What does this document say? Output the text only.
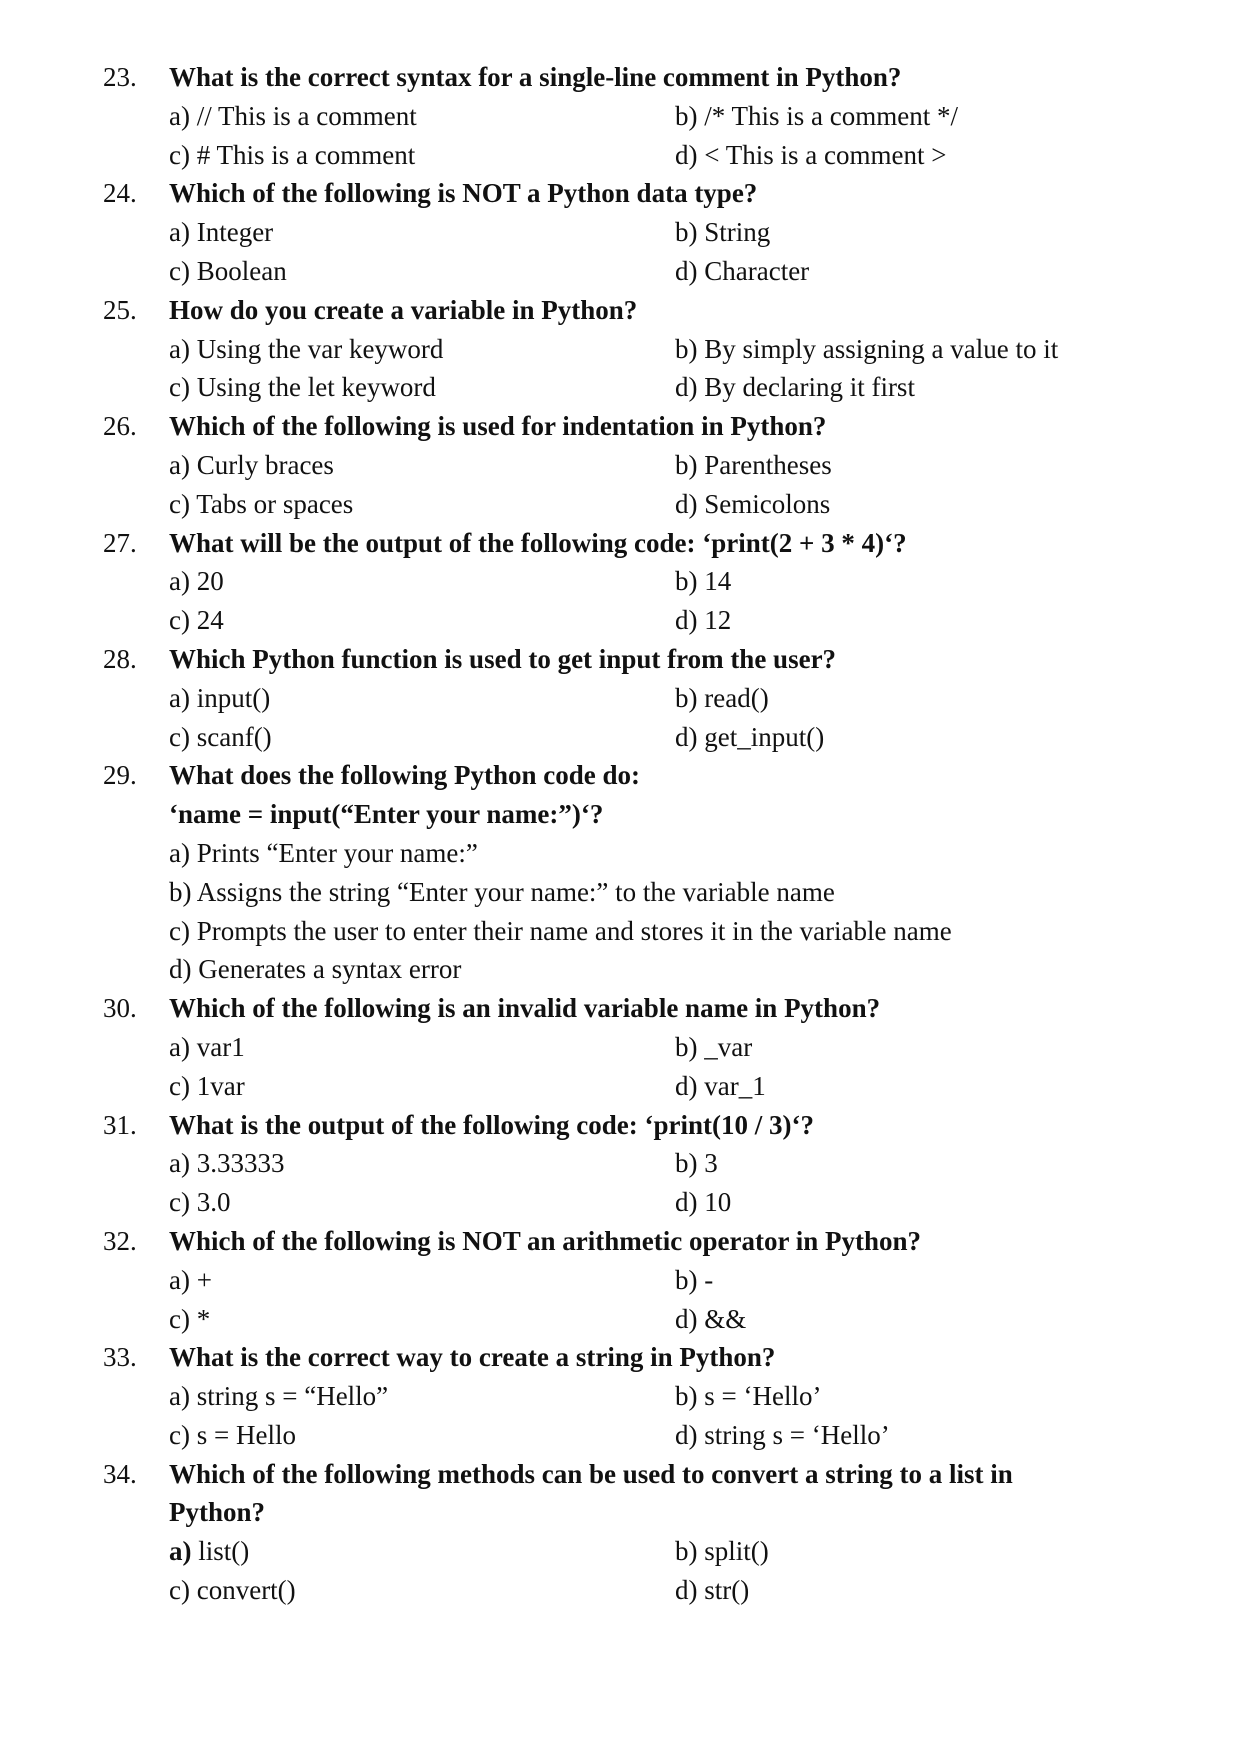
23. What is the correct syntax for a single-line comment in Python?
a) // This is a comment	b) /* This is a comment */
c) # This is a comment	d) < This is a comment >
24. Which of the following is NOT a Python data type?
a) Integer	b) String
c) Boolean	d) Character
25. How do you create a variable in Python?
a) Using the var keyword	b) By simply assigning a value to it
c) Using the let keyword	d) By declaring it first
26. Which of the following is used for indentation in Python?
a) Curly braces	b) Parentheses
c) Tabs or spaces	d) Semicolons
27. What will be the output of the following code: ‘print(2 + 3 * 4)‘?
a) 20	b) 14
c) 24	d) 12
28. Which Python function is used to get input from the user?
a) input()	b) read()
c) scanf()	d) get_input()
29. What does the following Python code do:
‘name = input(“Enter your name:”)‘?
a) Prints “Enter your name:”
b) Assigns the string “Enter your name:” to the variable name
c) Prompts the user to enter their name and stores it in the variable name
d) Generates a syntax error
30. Which of the following is an invalid variable name in Python?
a) var1	b) _var
c) 1var	d) var_1
31. What is the output of the following code: ‘print(10 / 3)‘?
a) 3.33333	b) 3
c) 3.0	d) 10
32. Which of the following is NOT an arithmetic operator in Python?
a) +	b) -
c) *	d) &&
33. What is the correct way to create a string in Python?
a) string s = “Hello”	b) s = ‘Hello’
c) s = Hello	d) string s = ‘Hello’
34. Which of the following methods can be used to convert a string to a list in
Python?
a) list()	b) split()
c) convert()	d) str()
